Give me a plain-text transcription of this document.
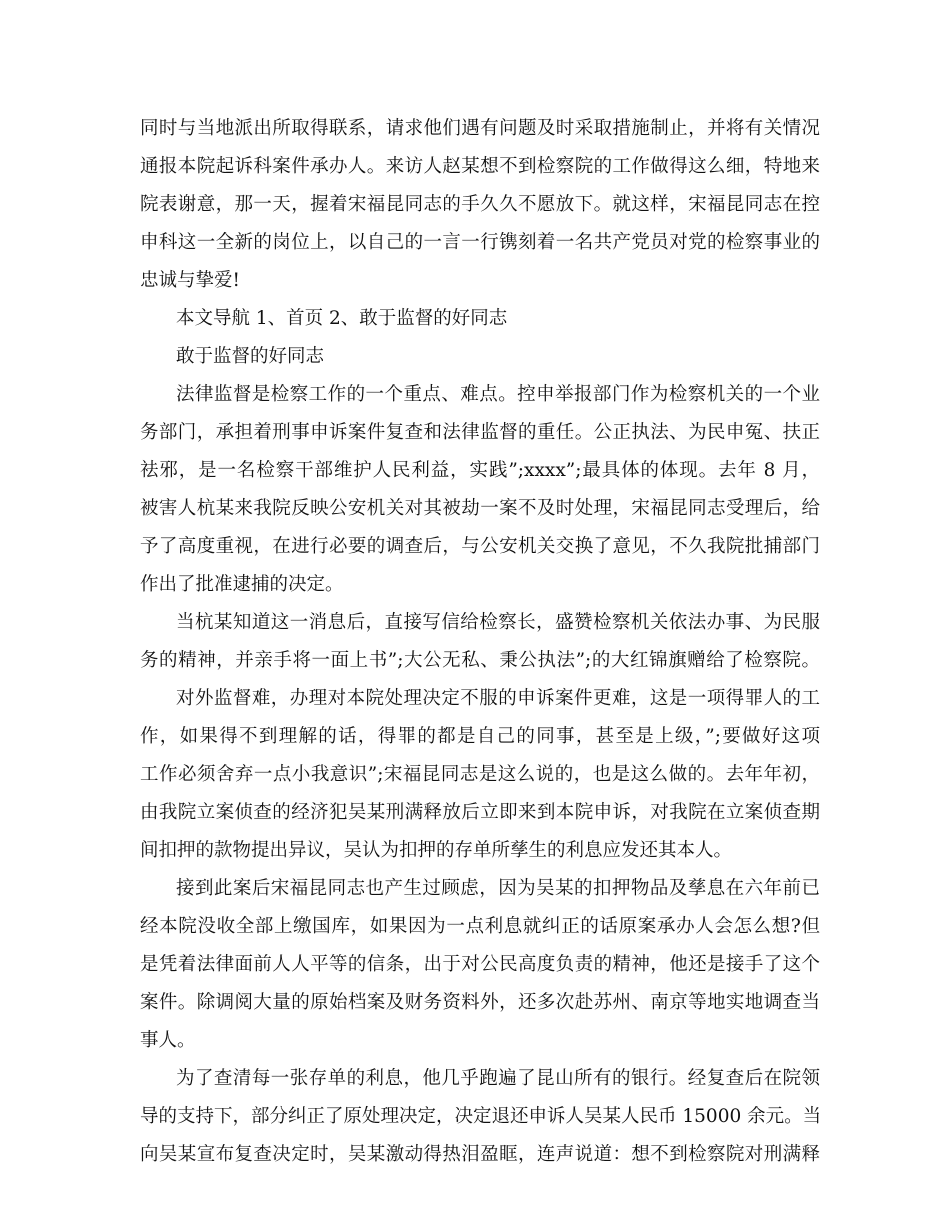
同时与当地派出所取得联系，请求他们遇有问题及时采取措施制止，并将有关情况
通报本院起诉科案件承办人。来访人赵某想不到检察院的工作做得这么细，特地来
院表谢意，那一天，握着宋福昆同志的手久久不愿放下。就这样，宋福昆同志在控
申科这一全新的岗位上，以自己的一言一行镌刻着一名共产党员对党的检察事业的
忠诚与挚爱!
本文导航 1、首页 2、敢于监督的好同志
敢于监督的好同志
法律监督是检察工作的一个重点、难点。控申举报部门作为检察机关的一个业
务部门，承担着刑事申诉案件复查和法律监督的重任。公正执法、为民申冤、扶正
祛邪，是一名检察干部维护人民利益，实践”;xxxx”;最具体的体现。去年 8 月，
被害人杭某来我院反映公安机关对其被劫一案不及时处理，宋福昆同志受理后，给
予了高度重视，在进行必要的调查后，与公安机关交换了意见，不久我院批捕部门
作出了批准逮捕的决定。
当杭某知道这一消息后，直接写信给检察长，盛赞检察机关依法办事、为民服
务的精神，并亲手将一面上书”;大公无私、秉公执法”;的大红锦旗赠给了检察院。
对外监督难，办理对本院处理决定不服的申诉案件更难，这是一项得罪人的工
作，如果得不到理解的话，得罪的都是自己的同事，甚至是上级，”;要做好这项
工作必须舍弃一点小我意识”;宋福昆同志是这么说的，也是这么做的。去年年初，
由我院立案侦查的经济犯吴某刑满释放后立即来到本院申诉，对我院在立案侦查期
间扣押的款物提出异议，吴认为扣押的存单所孳生的利息应发还其本人。
接到此案后宋福昆同志也产生过顾虑，因为吴某的扣押物品及孳息在六年前已
经本院没收全部上缴国库，如果因为一点利息就纠正的话原案承办人会怎么想?但
是凭着法律面前人人平等的信条，出于对公民高度负责的精神，他还是接手了这个
案件。除调阅大量的原始档案及财务资料外，还多次赴苏州、南京等地实地调查当
事人。
为了查清每一张存单的利息，他几乎跑遍了昆山所有的银行。经复查后在院领
导的支持下，部分纠正了原处理决定，决定退还申诉人吴某人民币 15000 余元。当
向吴某宣布复查决定时，吴某激动得热泪盈眶，连声说道：想不到检察院对刑满释
